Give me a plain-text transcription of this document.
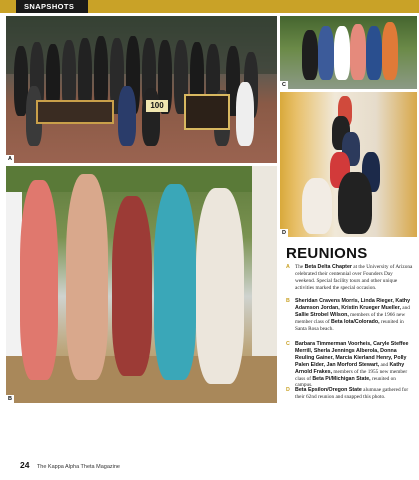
SNAPSHOTS
100
A
B
C
D
REUNIONS
A The Beta Delta Chapter at the University of Arizona celebrated their centennial over Founders Day weekend. Special facility tours and other unique activities marked the special occasion.

B Sheridan Cravens Morris, Linda Rieger, Kathy Adamson Jordan, Kristin Krueger Mueller, and Sallie Strobel Wilson, members of the 1966 new member class of Beta Iota/Colorado, reunited in Santa Rosa beach.

C Barbara Timmerman Voorheis, Caryle Steffee Merrill, Sherla Jennings Alberola, Donna Reuling Gainer, Marcia Kierland Henry, Polly Palen Elder, Jan Morford Stewart, and Kathy Arnold Frakes, members of the 1955 new member class of Beta Pi/Michigan State, reunited on campus.

D Beta Epsilon/Oregon State alumnae gathered for their 62nd reunion and snapped this photo.

24 The Kappa Alpha Theta Magazine
